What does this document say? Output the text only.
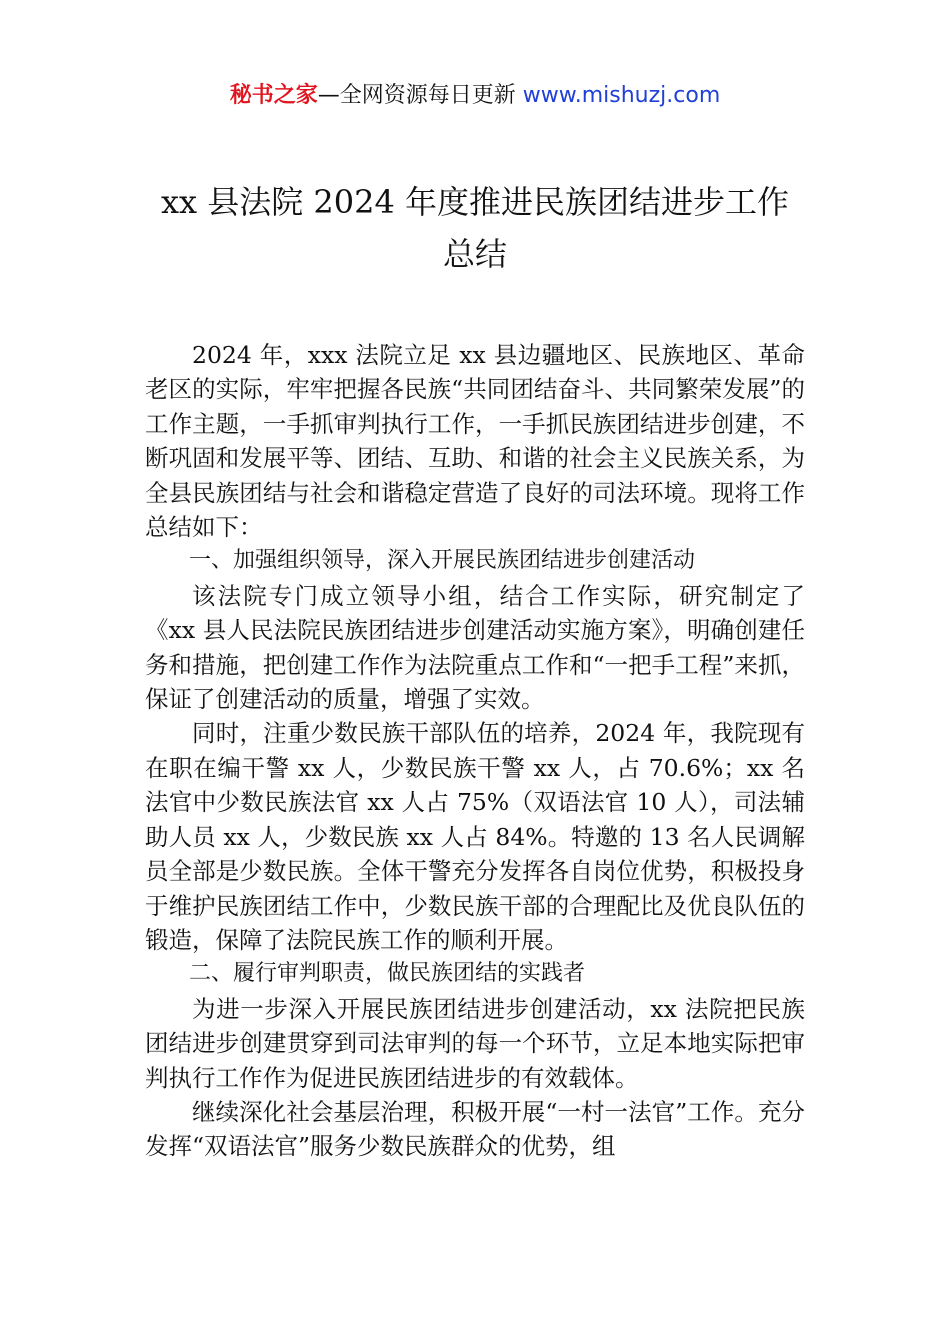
秘书之家—全网资源每日更新 www.mishuzj.com
xx 县法院 2024 年度推进民族团结进步工作
总结

2024 年，xxx 法院立足 xx 县边疆地区、民族地区、革命老区的实际，牢牢把握各民族“共同团结奋斗、共同繁荣发展”的工作主题，一手抓审判执行工作，一手抓民族团结进步创建，不断巩固和发展平等、团结、互助、和谐的社会主义民族关系，为全县民族团结与社会和谐稳定营造了良好的司法环境。现将工作总结如下：

一、加强组织领导，深入开展民族团结进步创建活动

该法院专门成立领导小组，结合工作实际，研究制定了《xx 县人民法院民族团结进步创建活动实施方案》，明确创建任务和措施，把创建工作作为法院重点工作和“一把手工程”来抓，保证了创建活动的质量，增强了实效。

同时，注重少数民族干部队伍的培养，2024 年，我院现有在职在编干警 xx 人，少数民族干警 xx 人，占 70.6%；xx 名法官中少数民族法官 xx 人占 75%（双语法官 10 人），司法辅助人员 xx 人，少数民族 xx 人占 84%。特邀的 13 名人民调解员全部是少数民族。全体干警充分发挥各自岗位优势，积极投身于维护民族团结工作中，少数民族干部的合理配比及优良队伍的锻造，保障了法院民族工作的顺利开展。

二、履行审判职责，做民族团结的实践者

为进一步深入开展民族团结进步创建活动，xx 法院把民族团结进步创建贯穿到司法审判的每一个环节，立足本地实际把审判执行工作作为促进民族团结进步的有效载体。

继续深化社会基层治理，积极开展“一村一法官”工作。充分发挥“双语法官”服务少数民族群众的优势，组
